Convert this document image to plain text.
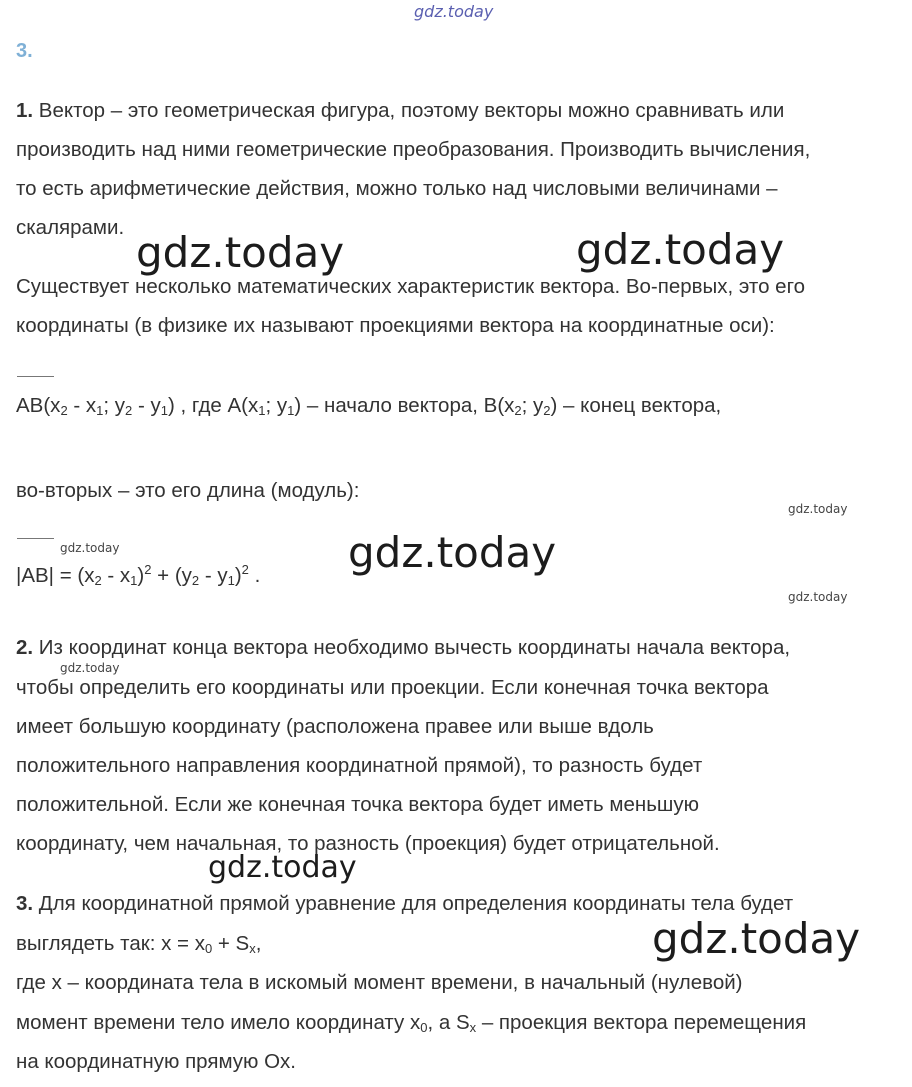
gdz.today
3.
1. Вектор – это геометрическая фигура, поэтому векторы можно сравнивать или
производить над ними геометрические преобразования. Производить вычисления,
то есть арифметические действия, можно только над числовыми величинами –
скалярами.
gdz.today	gdz.today
Существует несколько математических характеристик вектора. Во-первых, это его
координаты (в физике их называют проекциями вектора на координатные оси):
$AB(x_2 - x_1$; $y_2 - y_1$) , где $A(x_1$; $y_1$) – начало вектора, $B(x_2$; $y_2$) – конец вектора,
во-вторых – это его длина (модуль):
gdz.today
gdz.today	gdz.today
$|AB| = (x_2 - x_1)^2 + (y_2 - y_1)^2$ .
gdz.today
2. Из координат конца вектора необходимо вычесть координаты начала вектора,
gdz.today
чтобы определить его координаты или проекции. Если конечная точка вектора
имеет большую координату (расположена правее или выше вдоль
положительного направления координатной прямой), то разность будет
положительной. Если же конечная точка вектора будет иметь меньшую
координату, чем начальная, то разность (проекция) будет отрицательной.
gdz.today
3. Для координатной прямой уравнение для определения координаты тела будет
выглядеть так: $x = x_0 + S_x$,	gdz.today
где x – координата тела в искомый момент времени, в начальный (нулевой)
момент времени тело имело координату $x_0$, а $S_x$ – проекция вектора перемещения
на координатную прямую Ox.
